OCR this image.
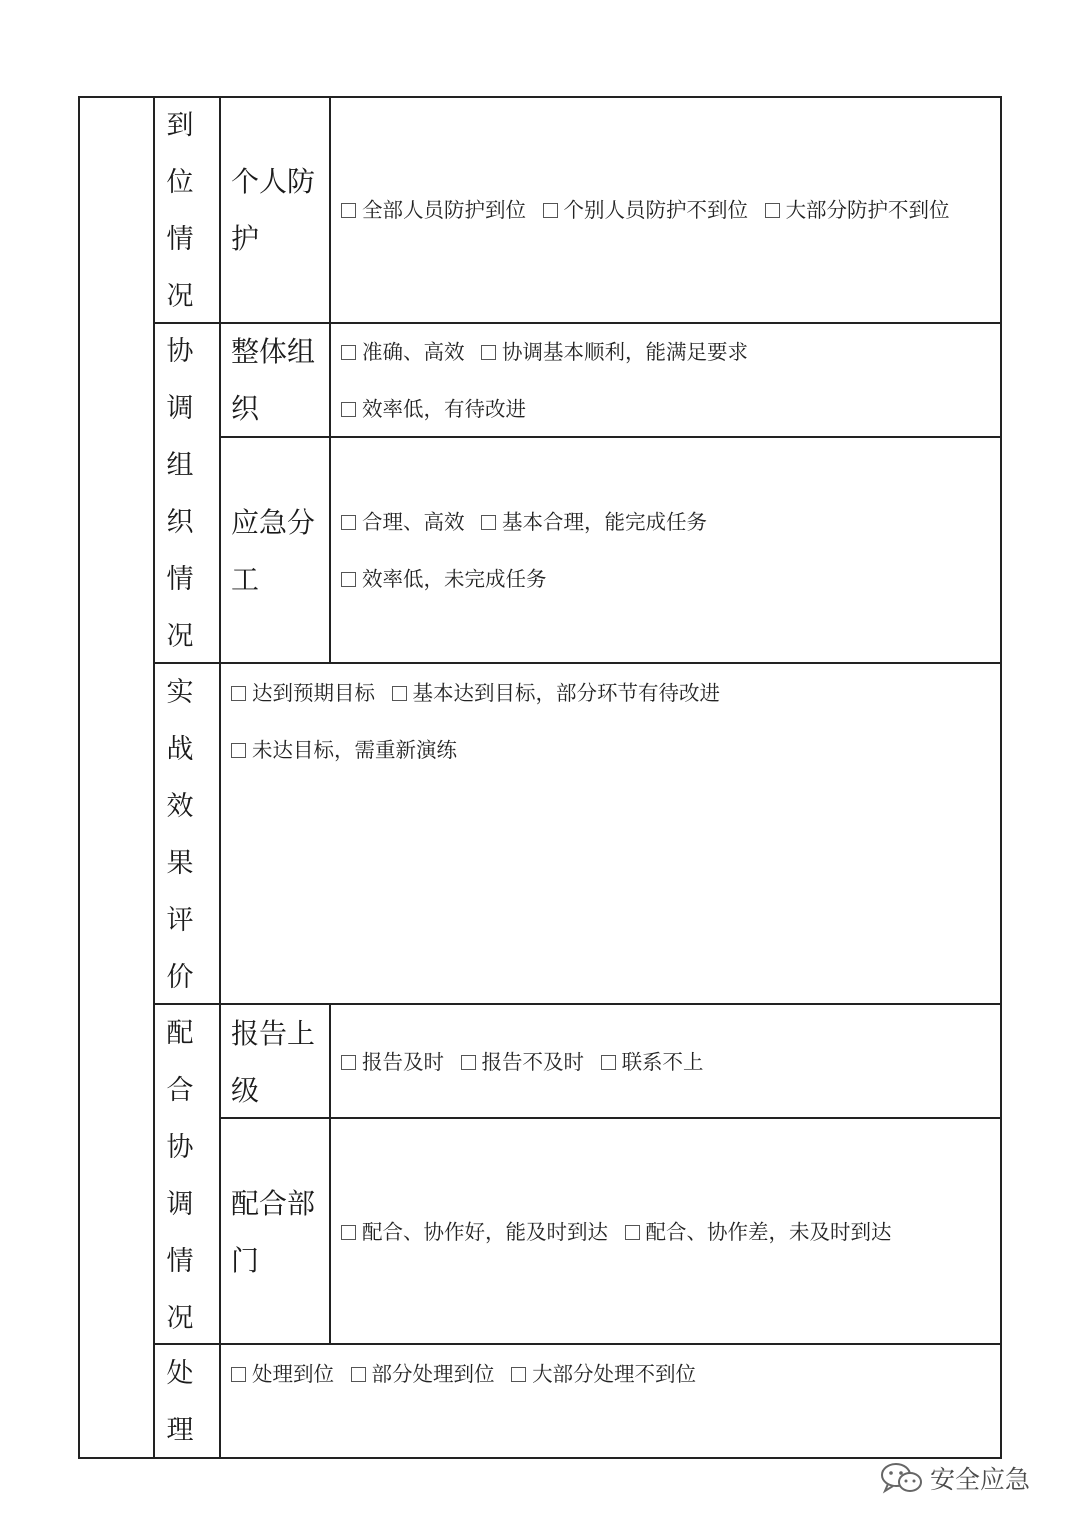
到
位
情
况
个人防
护
全部人员防护到位 个别人员防护不到位 大部分防护不到位
协
调
组
织
情
况
整体组
织
准确、高效 协调基本顺利，能满足要求
效率低，有待改进
应急分
工
合理、高效 基本合理，能完成任务
效率低，未完成任务
实
战
效
果
评
价
达到预期目标 基本达到目标，部分环节有待改进
未达目标，需重新演练
配
合
协
调
情
况
报告上
级
报告及时 报告不及时 联系不上
配合部
门
配合、协作好，能及时到达 配合、协作差，未及时到达
处
理
处理到位 部分处理到位 大部分处理不到位
安全应急
